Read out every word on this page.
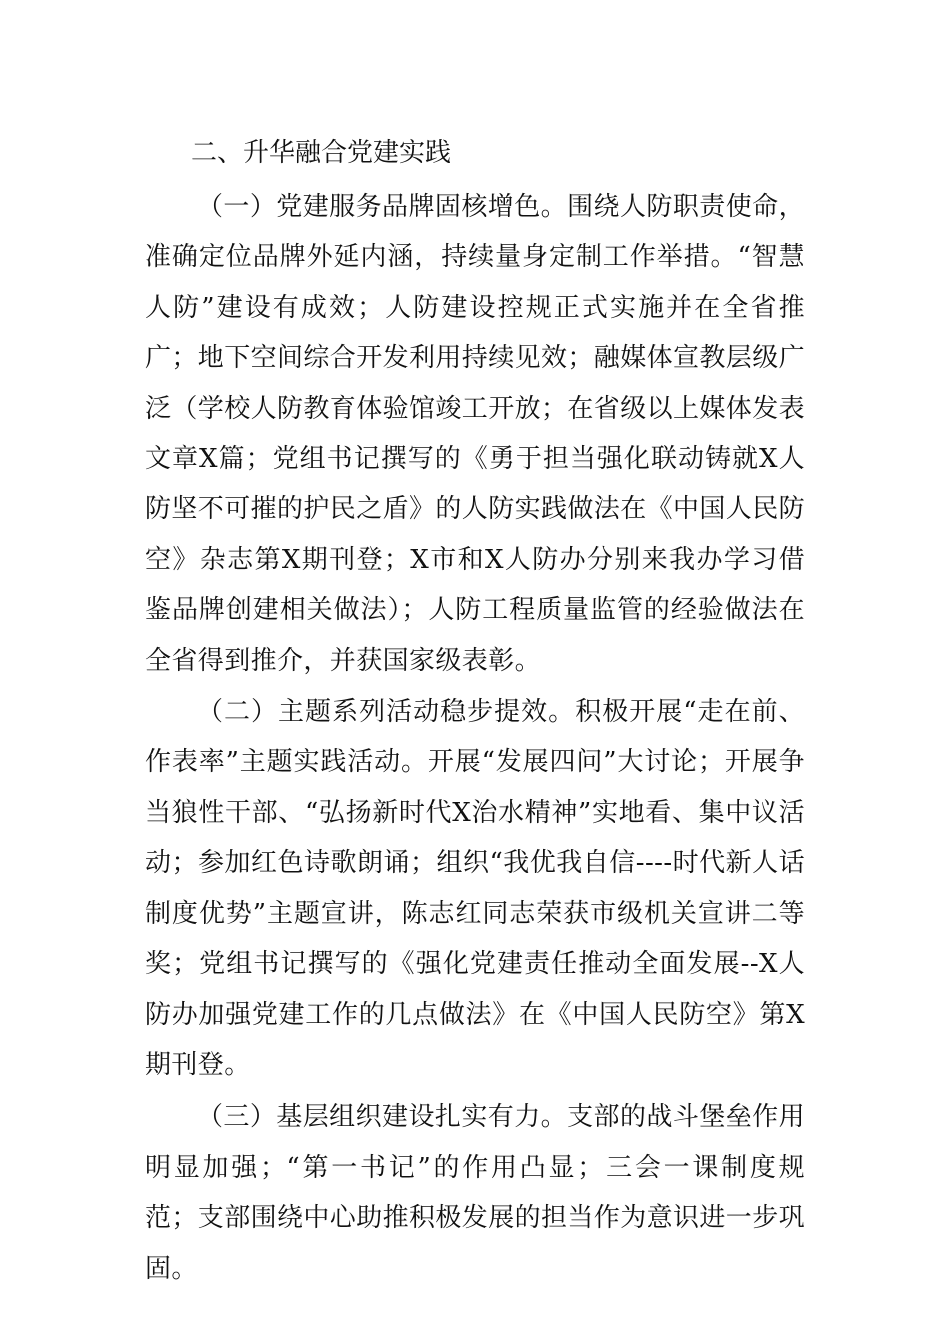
二、升华融合党建实践

（一）党建服务品牌固核增色。围绕人防职责使命，准确定位品牌外延内涵，持续量身定制工作举措。“智慧人防”建设有成效；人防建设控规正式实施并在全省推广；地下空间综合开发利用持续见效；融媒体宣教层级广泛（学校人防教育体验馆竣工开放；在省级以上媒体发表文章X篇；党组书记撰写的《勇于担当强化联动铸就X人防坚不可摧的护民之盾》的人防实践做法在《中国人民防空》杂志第X期刊登；X市和X人防办分别来我办学习借鉴品牌创建相关做法）；人防工程质量监管的经验做法在全省得到推介，并获国家级表彰。

（二）主题系列活动稳步提效。积极开展“走在前、作表率”主题实践活动。开展“发展四问”大讨论；开展争当狼性干部、“弘扬新时代X治水精神”实地看、集中议活动；参加红色诗歌朗诵；组织“我优我自信----时代新人话制度优势”主题宣讲，陈志红同志荣获市级机关宣讲二等奖；党组书记撰写的《强化党建责任推动全面发展--X人防办加强党建工作的几点做法》在《中国人民防空》第X期刊登。

（三）基层组织建设扎实有力。支部的战斗堡垒作用明显加强；“第一书记”的作用凸显；三会一课制度规范；支部围绕中心助推积极发展的担当作为意识进一步巩固。
